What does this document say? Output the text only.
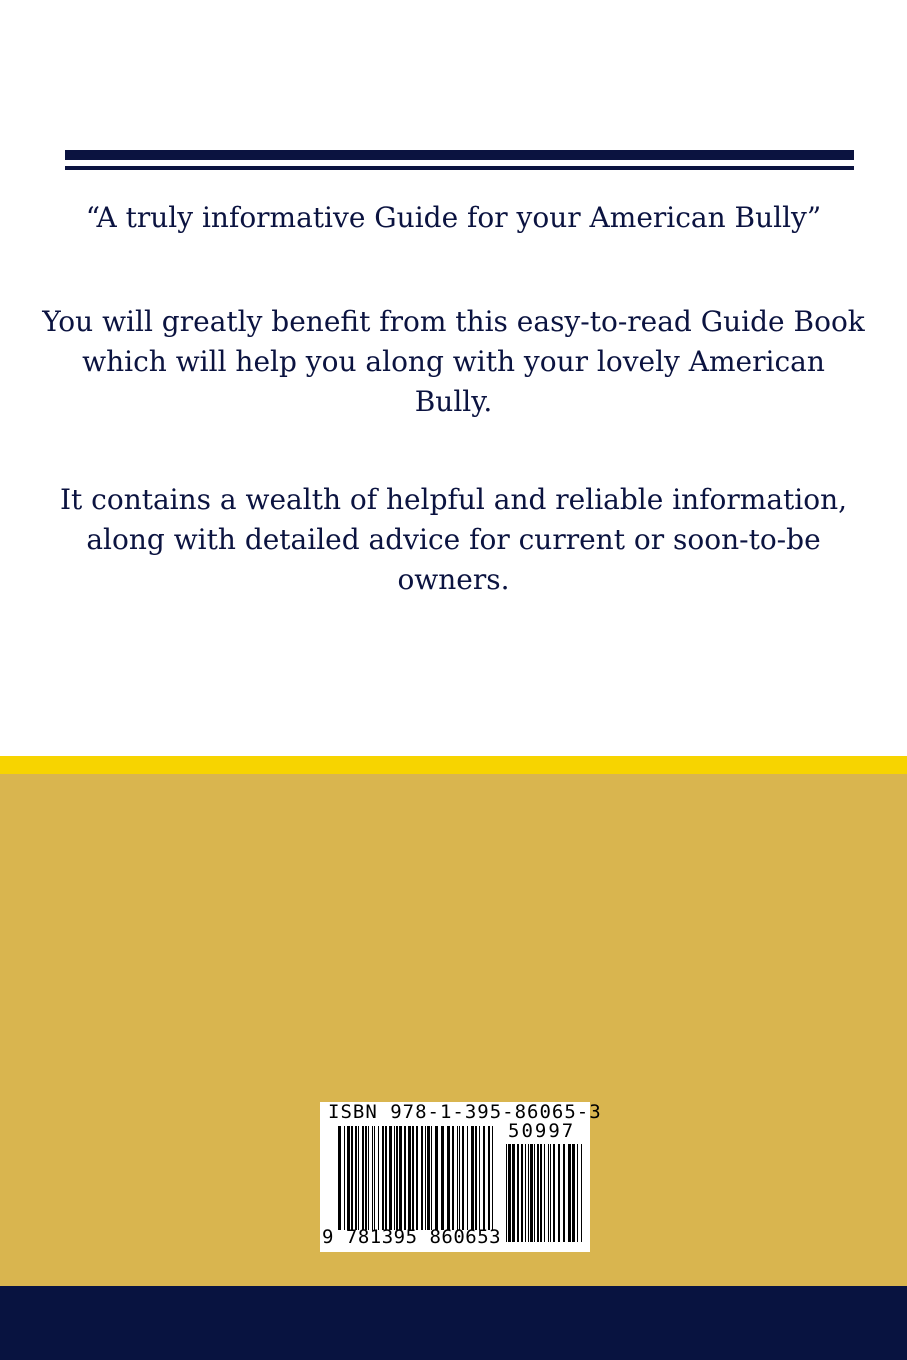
“A truly informative Guide for your American Bully”
You will greatly benefit from this easy-to-read Guide Book which will help you along with your lovely American Bully.
It contains a wealth of helpful and reliable information, along with detailed advice for current or soon-to-be owners.
ISBN 978-1-395-86065-3
50997
9 781395 860653
